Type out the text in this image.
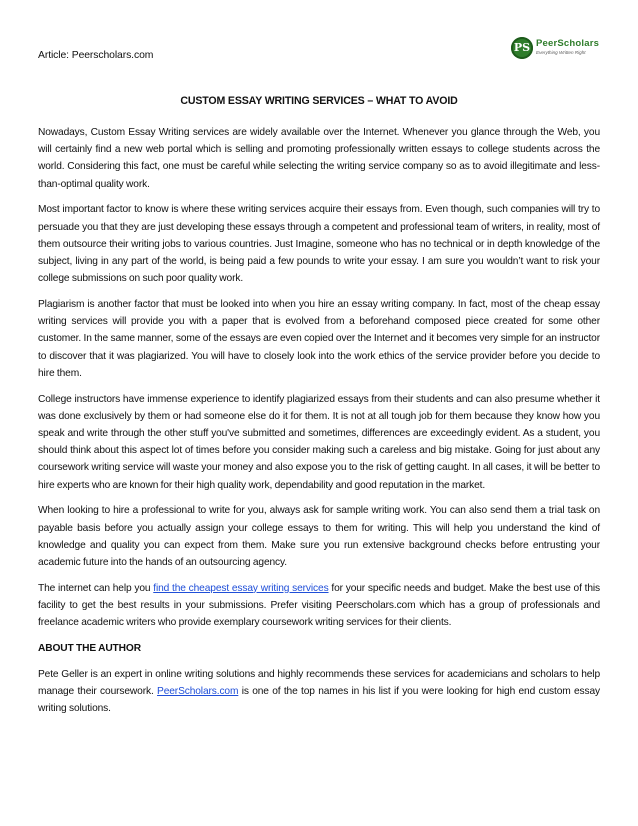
Article: Peerscholars.com
PS PeerScholars
Everything Written Right
CUSTOM ESSAY WRITING SERVICES – WHAT TO AVOID

Nowadays, Custom Essay Writing services are widely available over the Internet. Whenever you glance through the Web, you will certainly find a new web portal which is selling and promoting professionally written essays to college students across the world. Considering this fact, one must be careful while selecting the writing service company so as to avoid illegitimate and less-than-optimal quality work.

Most important factor to know is where these writing services acquire their essays from. Even though, such companies will try to persuade you that they are just developing these essays through a competent and professional team of writers, in reality, most of them outsource their writing jobs to various countries. Just Imagine, someone who has no technical or in depth knowledge of the subject, living in any part of the world, is being paid a few pounds to write your essay. I am sure you wouldn’t want to risk your college submissions on such poor quality work.

Plagiarism is another factor that must be looked into when you hire an essay writing company. In fact, most of the cheap essay writing services will provide you with a paper that is evolved from a beforehand composed piece created for some other customer. In the same manner, some of the essays are even copied over the Internet and it becomes very simple for an instructor to discover that it was plagiarized. You will have to closely look into the work ethics of the service provider before you decide to hire them.

College instructors have immense experience to identify plagiarized essays from their students and can also presume whether it was done exclusively by them or had someone else do it for them. It is not at all tough job for them because they know how you speak and write through the other stuff you've submitted and sometimes, differences are exceedingly evident. As a student, you should think about this aspect lot of times before you consider making such a careless and big mistake. Going for just about any coursework writing service will waste your money and also expose you to the risk of getting caught. In all cases, it will be better to hire experts who are known for their high quality work, dependability and good reputation in the market.

When looking to hire a professional to write for you, always ask for sample writing work. You can also send them a trial task on payable basis before you actually assign your college essays to them for writing. This will help you understand the kind of knowledge and quality you can expect from them. Make sure you run extensive background checks before entrusting your academic future into the hands of an outsourcing agency.

The internet can help you find the cheapest essay writing services for your specific needs and budget. Make the best use of this facility to get the best results in your submissions. Prefer visiting Peerscholars.com which has a group of professionals and freelance academic writers who provide exemplary coursework writing services for their clients.

ABOUT THE AUTHOR

Pete Geller is an expert in online writing solutions and highly recommends these services for academicians and scholars to help manage their coursework. PeerScholars.com is one of the top names in his list if you were looking for high end custom essay writing solutions.
